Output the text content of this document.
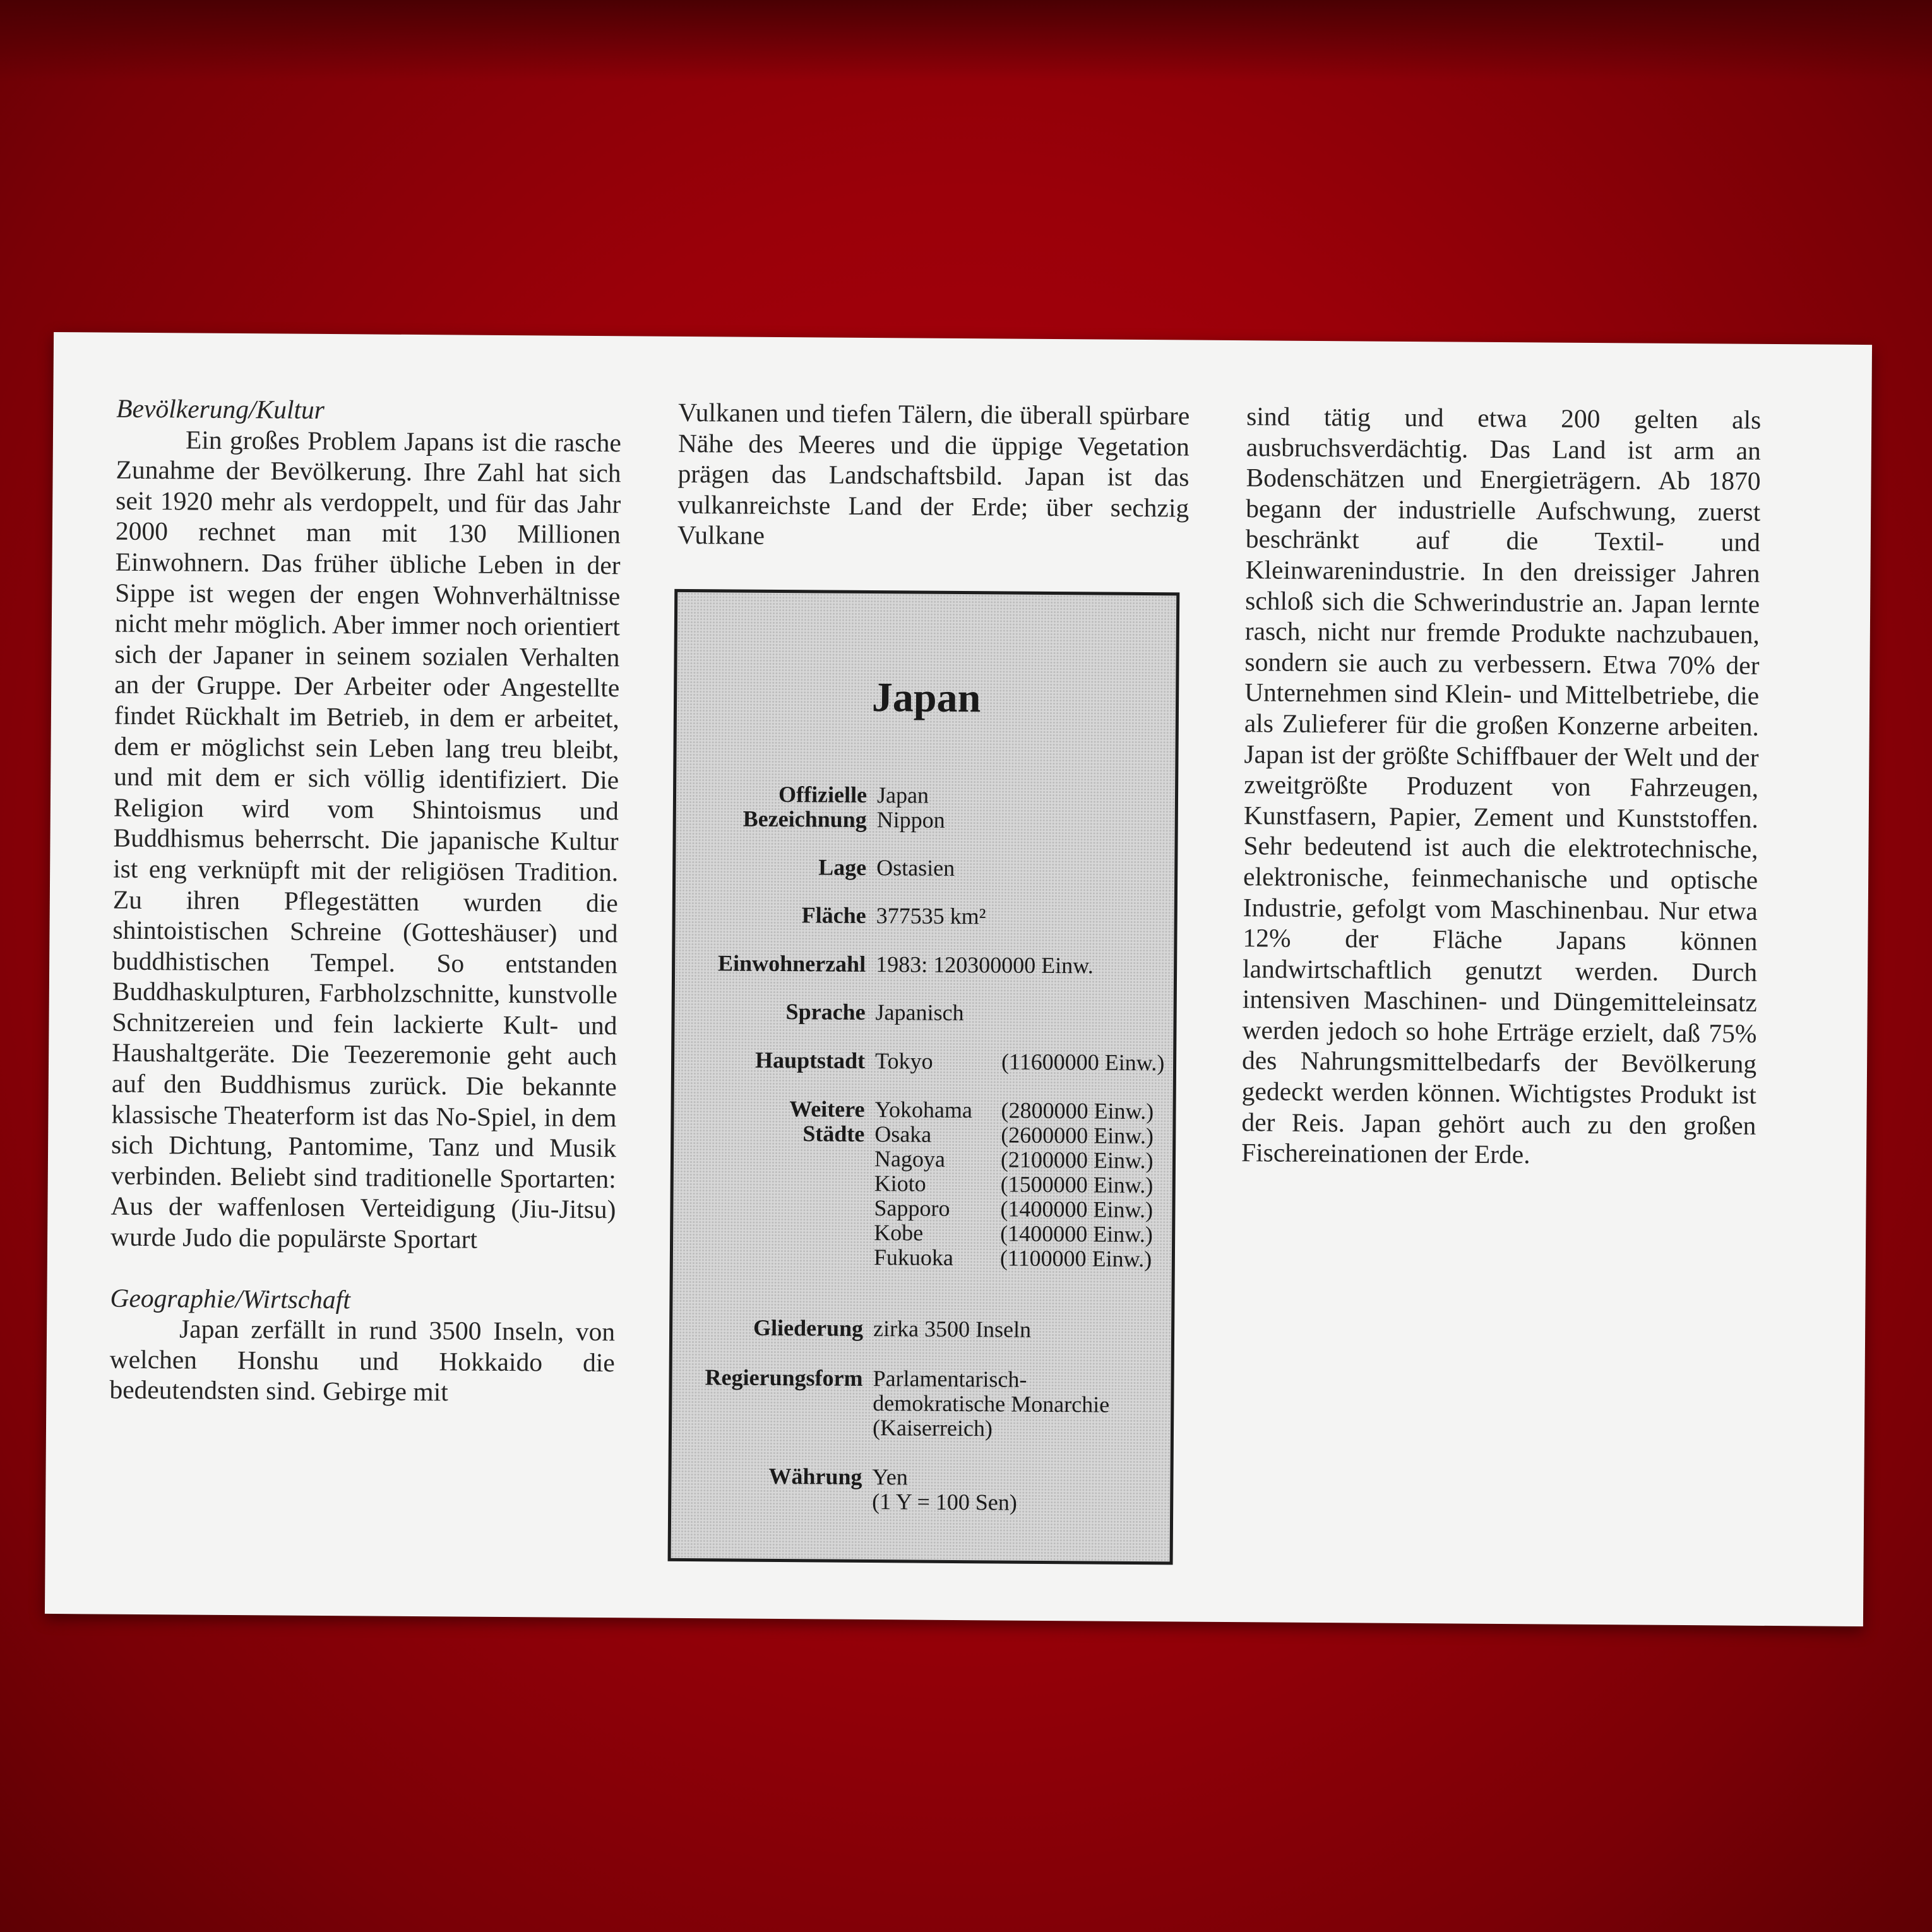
Bevölkerung/Kultur

Ein großes Problem Japans ist die rasche Zunahme der Bevölkerung. Ihre Zahl hat sich seit 1920 mehr als verdoppelt, und für das Jahr 2000 rechnet man mit 130 Millionen Einwohnern. Das früher übliche Leben in der Sippe ist wegen der engen Wohnverhältnisse nicht mehr möglich. Aber immer noch orientiert sich der Japaner in seinem sozialen Verhalten an der Gruppe. Der Arbeiter oder Angestellte findet Rückhalt im Betrieb, in dem er arbeitet, dem er möglichst sein Leben lang treu bleibt, und mit dem er sich völlig identifiziert. Die Religion wird vom Shintoismus und Buddhismus beherrscht. Die japanische Kultur ist eng verknüpft mit der religiösen Tradition. Zu ihren Pflegestätten wurden die shintoistischen Schreine (Gotteshäuser) und buddhistischen Tempel. So entstanden Buddhaskulpturen, Farbholzschnitte, kunstvolle Schnitzereien und fein lackierte Kult- und Haushaltgeräte. Die Teezeremonie geht auch auf den Buddhismus zurück. Die bekannte klassische Theaterform ist das No-Spiel, in dem sich Dichtung, Pantomime, Tanz und Musik verbinden. Beliebt sind traditionelle Sportarten: Aus der waffenlosen Verteidigung (Jiu-Jitsu) wurde Judo die populärste Sportart

Geographie/Wirtschaft

Japan zerfällt in rund 3500 Inseln, von welchen Honshu und Hokkaido die bedeutendsten sind. Gebirge mit

Vulkanen und tiefen Tälern, die überall spürbare Nähe des Meeres und die üppige Vegetation prägen das Landschaftsbild. Japan ist das vulkanreichste Land der Erde; über sechzig Vulkane

Japan
Offizielle
Bezeichnung
Japan
Nippon
Lage Ostasien
Fläche 377535 km²
Einwohnerzahl 1983: 120300000 Einw.
Sprache Japanisch
Hauptstadt Tokyo	(11600000 Einw.)
Weitere
Städte
Yokohama
Osaka
Nagoya
Kioto
Sapporo
Kobe
Fukuoka
(2800000 Einw.)
(2600000 Einw.)
(2100000 Einw.)
(1500000 Einw.)
(1400000 Einw.)
(1400000 Einw.)
(1100000 Einw.)
Gliederung zirka 3500 Inseln
Regierungsform Parlamentarisch-
demokratische Monarchie
(Kaiserreich)
Währung Yen
(1 Y = 100 Sen)

sind tätig und etwa 200 gelten als ausbruchsverdächtig. Das Land ist arm an Bodenschätzen und Energieträgern. Ab 1870 begann der industrielle Aufschwung, zuerst beschränkt auf die Textil- und Kleinwarenindustrie. In den dreissiger Jahren schloß sich die Schwerindustrie an. Japan lernte rasch, nicht nur fremde Produkte nachzubauen, sondern sie auch zu verbessern. Etwa 70% der Unternehmen sind Klein- und Mittelbetriebe, die als Zulieferer für die großen Konzerne arbeiten. Japan ist der größte Schiffbauer der Welt und der zweitgrößte Produzent von Fahrzeugen, Kunstfasern, Papier, Zement und Kunststoffen. Sehr bedeutend ist auch die elektrotechnische, elektronische, feinmechanische und optische Industrie, gefolgt vom Maschinenbau. Nur etwa 12% der Fläche Japans können landwirtschaftlich genutzt werden. Durch intensiven Maschinen- und Düngemitteleinsatz werden jedoch so hohe Erträge erzielt, daß 75% des Nahrungsmittelbedarfs der Bevölkerung gedeckt werden können. Wichtigstes Produkt ist der Reis. Japan gehört auch zu den großen Fischereinationen der Erde.
